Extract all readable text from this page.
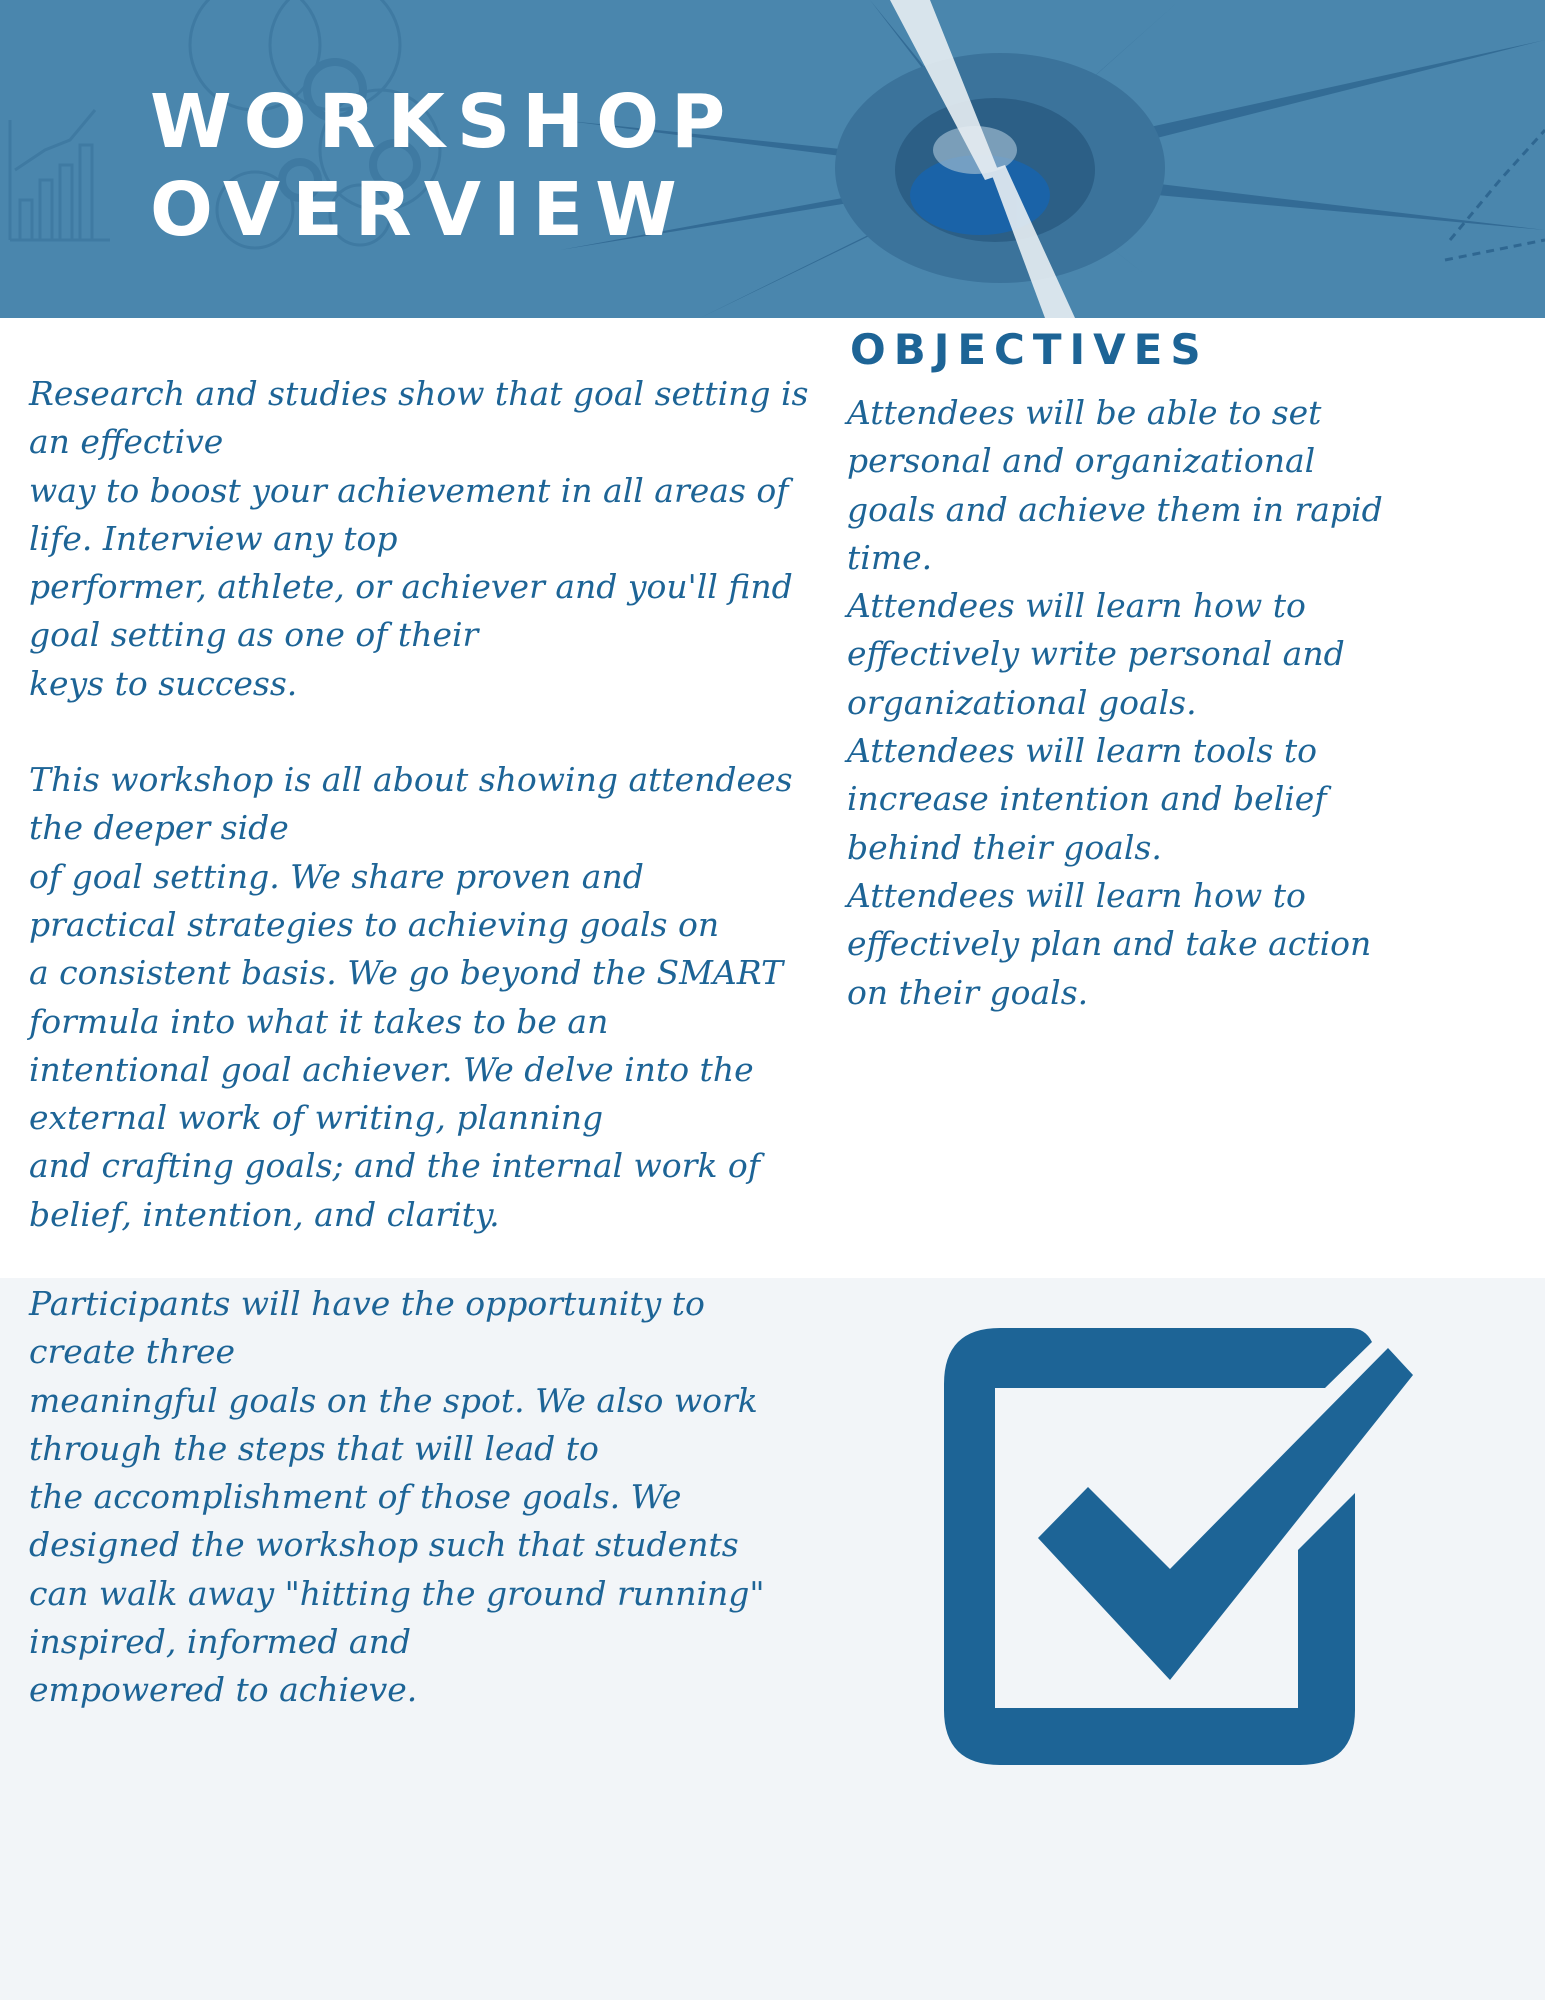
WORKSHOP
OVERVIEW

Research and studies show that goal setting is

an effective

way to boost your achievement in all areas of

life. Interview any top

performer, athlete, or achiever and you'll find

goal setting as one of their

keys to success.

This workshop is all about showing attendees

the deeper side

of goal setting. We share proven and

practical strategies to achieving goals on

a consistent basis. We go beyond the SMART

formula into what it takes to be an

intentional goal achiever. We delve into the

external work of writing, planning

and crafting goals; and the internal work of

belief, intention, and clarity.

OBJECTIVES
Attendees will be able to set
personal and organizational
goals and achieve them in rapid
time.
Attendees will learn how to
effectively write personal and
organizational goals.
Attendees will learn tools to
increase intention and belief
behind their goals.
Attendees will learn how to
effectively plan and take action
on their goals.

Participants will have the opportunity to

create three

meaningful goals on the spot. We also work

through the steps that will lead to

the accomplishment of those goals. We

designed the workshop such that students

can walk away "hitting the ground running"

inspired, informed and

empowered to achieve.
